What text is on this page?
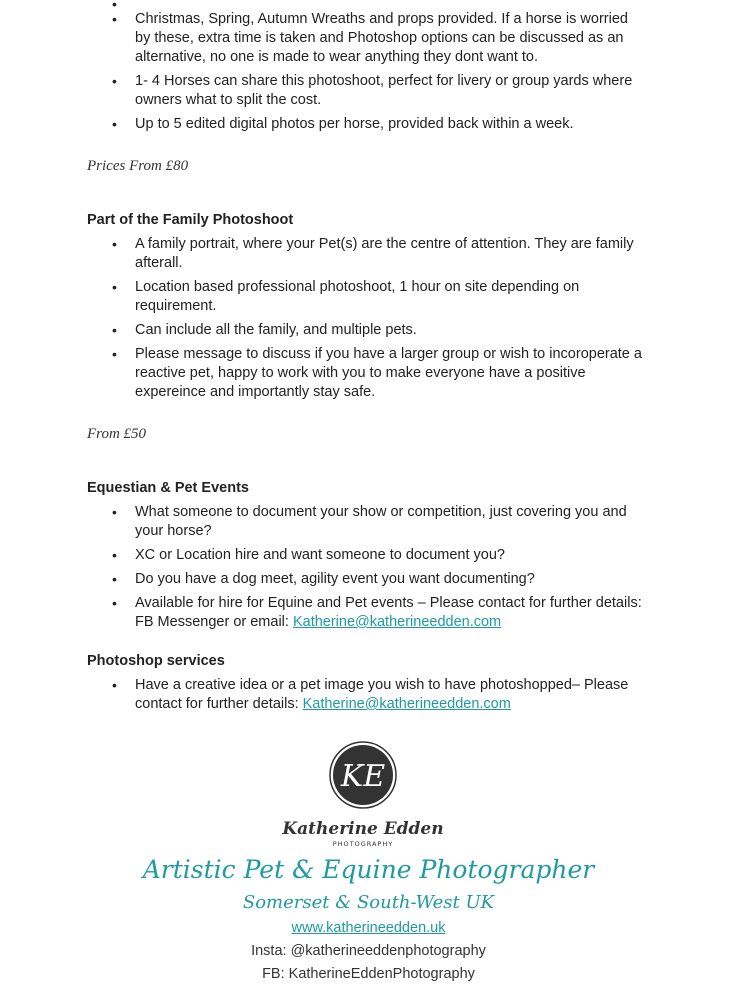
•
• Christmas, Spring, Autumn Wreaths and props provided. If a horse is worried by these, extra time is taken and Photoshop options can be discussed as an alternative, no one is made to wear anything they dont want to.
• 1- 4 Horses can share this photoshoot, perfect for livery or group yards where owners what to split the cost.
• Up to 5 edited digital photos per horse, provided back within a week.
Prices From £80
Part of the Family Photoshoot
• A family portrait, where your Pet(s) are the centre of attention. They are family afterall.
• Location based professional photoshoot, 1 hour on site depending on requirement.
• Can include all the family, and multiple pets.
• Please message to discuss if you have a larger group or wish to incoroperate a reactive pet, happy to work with you to make everyone have a positive expereince and importantly stay safe.
From £50
Equestian & Pet Events
• What someone to document your show or competition, just covering you and your horse?
• XC or Location hire and want someone to document you?
• Do you have a dog meet, agility event you want documenting?
• Available for hire for Equine and Pet events – Please contact for further details: FB Messenger or email: Katherine@katherineedden.com
Photoshop services
• Have a creative idea or a pet image you wish to have photoshopped– Please contact for further details: Katherine@katherineedden.com
KE
Katherine Edden
PHOTOGRAPHY
Artistic Pet & Equine Photographer
Somerset & South-West UK
www.katherineedden.uk
Insta: @katherineeddenphotography
FB: KatherineEddenPhotography
